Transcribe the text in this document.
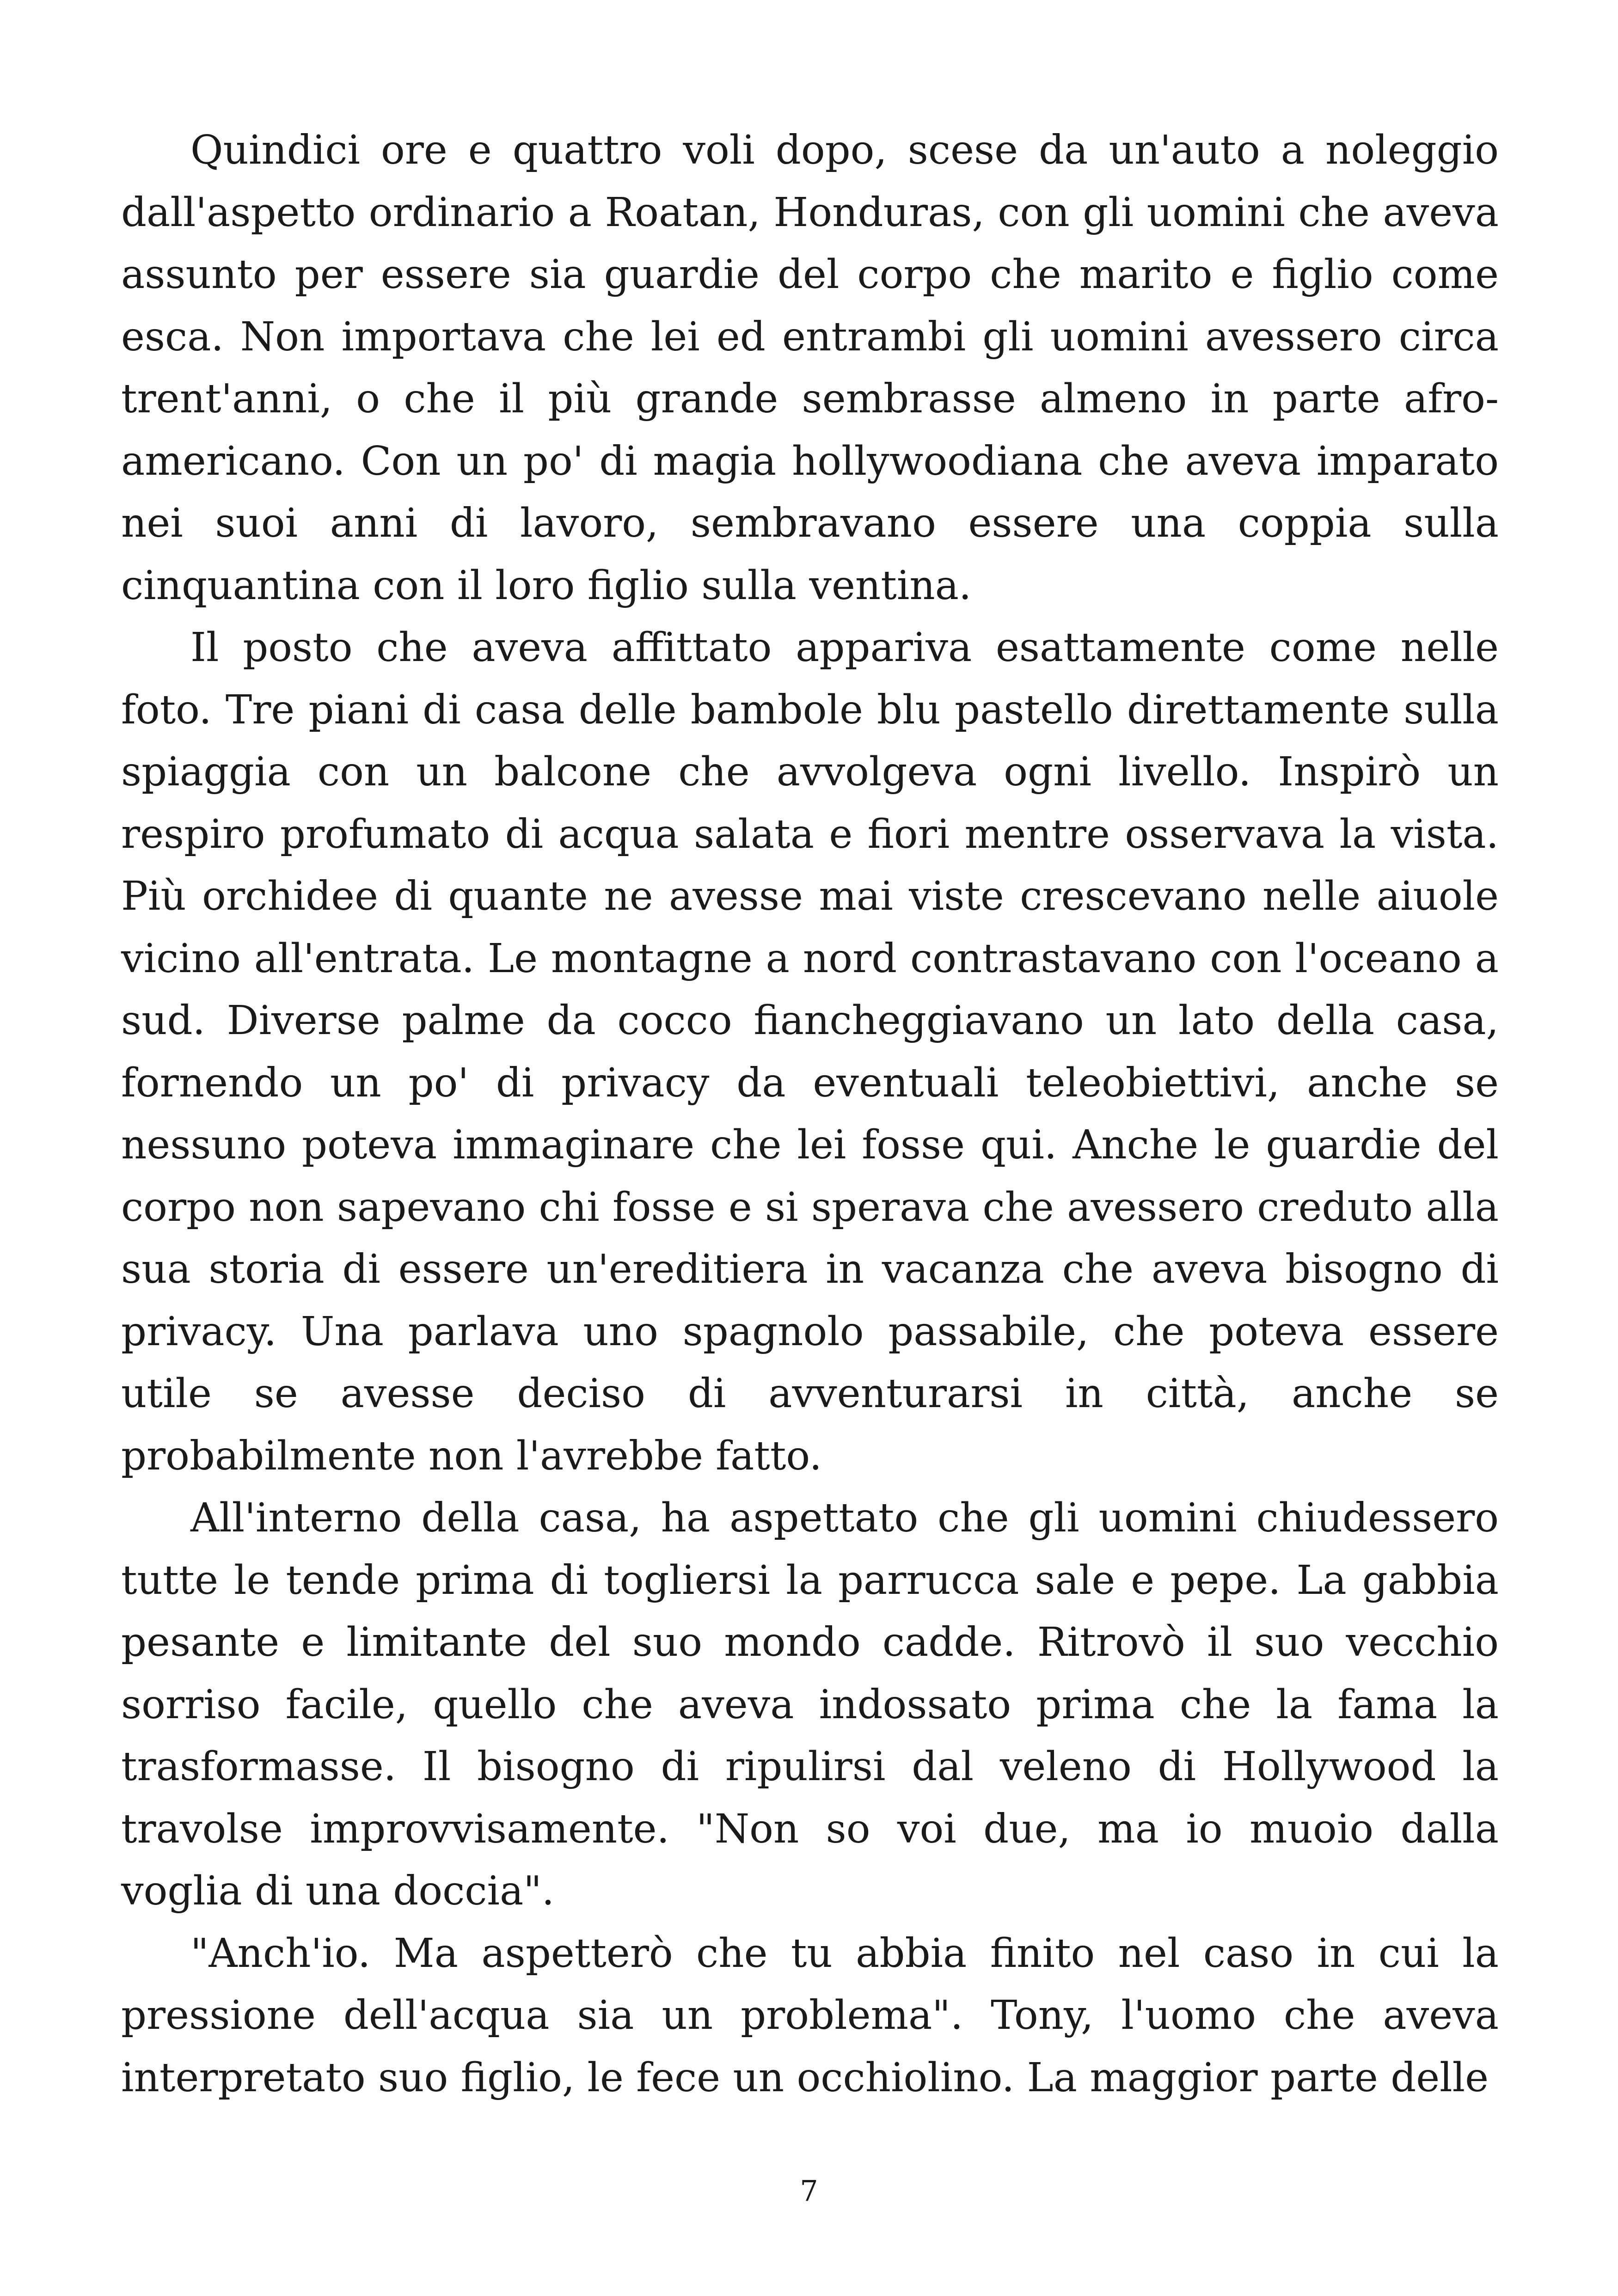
Quindici ore e quattro voli dopo, scese da un'auto a noleggio dall'aspetto ordinario a Roatan, Honduras, con gli uomini che aveva assunto per essere sia guardie del corpo che marito e figlio come esca. Non importava che lei ed entrambi gli uomini avessero circa trent'anni, o che il più grande sembrasse almeno in parte afro-americano. Con un po' di magia hollywoodiana che aveva imparato nei suoi anni di lavoro, sembravano essere una coppia sulla cinquantina con il loro figlio sulla ventina.

Il posto che aveva affittato appariva esattamente come nelle foto. Tre piani di casa delle bambole blu pastello direttamente sulla spiaggia con un balcone che avvolgeva ogni livello. Inspirò un respiro profumato di acqua salata e fiori mentre osservava la vista. Più orchidee di quante ne avesse mai viste crescevano nelle aiuole vicino all'entrata. Le montagne a nord contrastavano con l'oceano a sud. Diverse palme da cocco fiancheggiavano un lato della casa, fornendo un po' di privacy da eventuali teleobiettivi, anche se nessuno poteva immaginare che lei fosse qui. Anche le guardie del corpo non sapevano chi fosse e si sperava che avessero creduto alla sua storia di essere un'ereditiera in vacanza che aveva bisogno di privacy. Una parlava uno spagnolo passabile, che poteva essere utile se avesse deciso di avventurarsi in città, anche se probabilmente non l'avrebbe fatto.

All'interno della casa, ha aspettato che gli uomini chiudessero tutte le tende prima di togliersi la parrucca sale e pepe. La gabbia pesante e limitante del suo mondo cadde. Ritrovò il suo vecchio sorriso facile, quello che aveva indossato prima che la fama la trasformasse. Il bisogno di ripulirsi dal veleno di Hollywood la travolse improvvisamente. "Non so voi due, ma io muoio dalla voglia di una doccia".

"Anch'io. Ma aspetterò che tu abbia finito nel caso in cui la pressione dell'acqua sia un problema". Tony, l'uomo che aveva interpretato suo figlio, le fece un occhiolino. La maggior parte delle

7
